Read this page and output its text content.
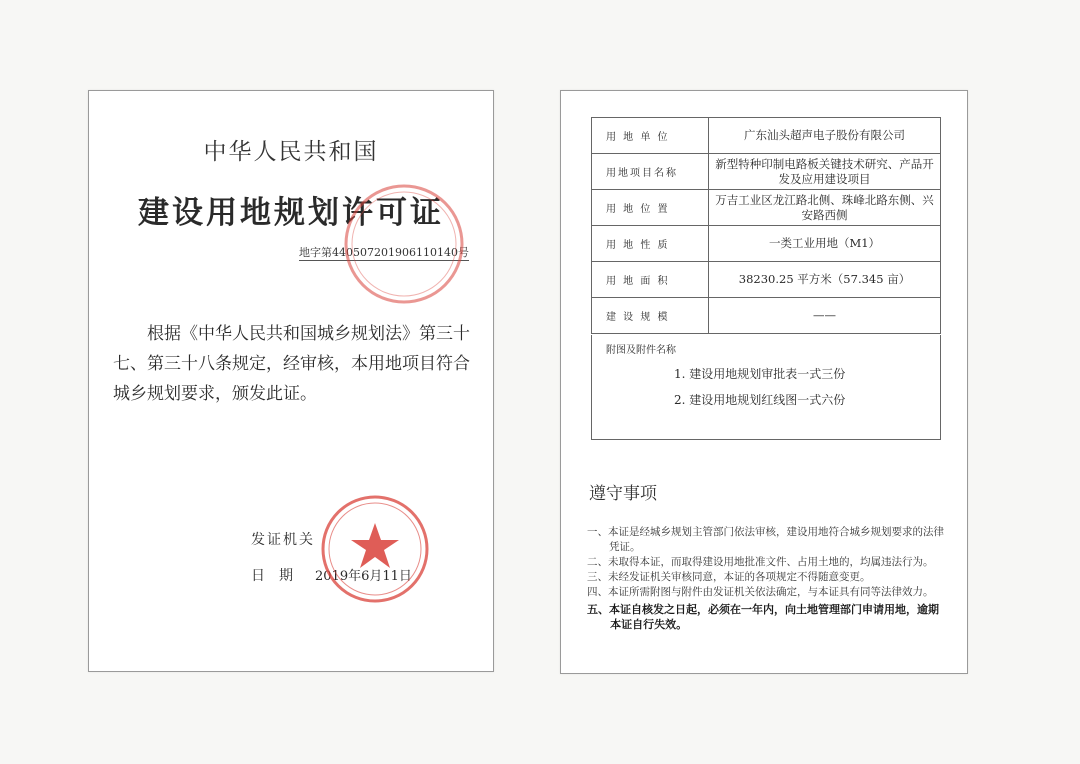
中华人民共和国
建设用地规划许可证
地字第440507201906110140号
根据《中华人民共和国城乡规划法》第三十七、第三十八条规定，经审核，本用地项目符合城乡规划要求，颁发此证。
发证机关
日期 2019年6月11日
用 地 单 位	广东汕头超声电子股份有限公司
用地项目名称	新型特种印制电路板关键技术研究、产品开发及应用建设项目
用 地 位 置	万吉工业区龙江路北侧、珠峰北路东侧、兴安路西侧
用 地 性 质	一类工业用地（M1）
用 地 面 积	38230.25 平方米（57.345 亩）
建 设 规 模	——
附图及附件名称
1. 建设用地规划审批表一式三份
2. 建设用地规划红线图一式六份
遵守事项

一、本证是经城乡规划主管部门依法审核，建设用地符合城乡规划要求的法律凭证。

二、未取得本证，而取得建设用地批准文件、占用土地的，均属违法行为。

三、未经发证机关审核同意，本证的各项规定不得随意变更。

四、本证所需附图与附件由发证机关依法确定，与本证具有同等法律效力。

五、本证自核发之日起，必须在一年内，向土地管理部门申请用地，逾期本证自行失效。
